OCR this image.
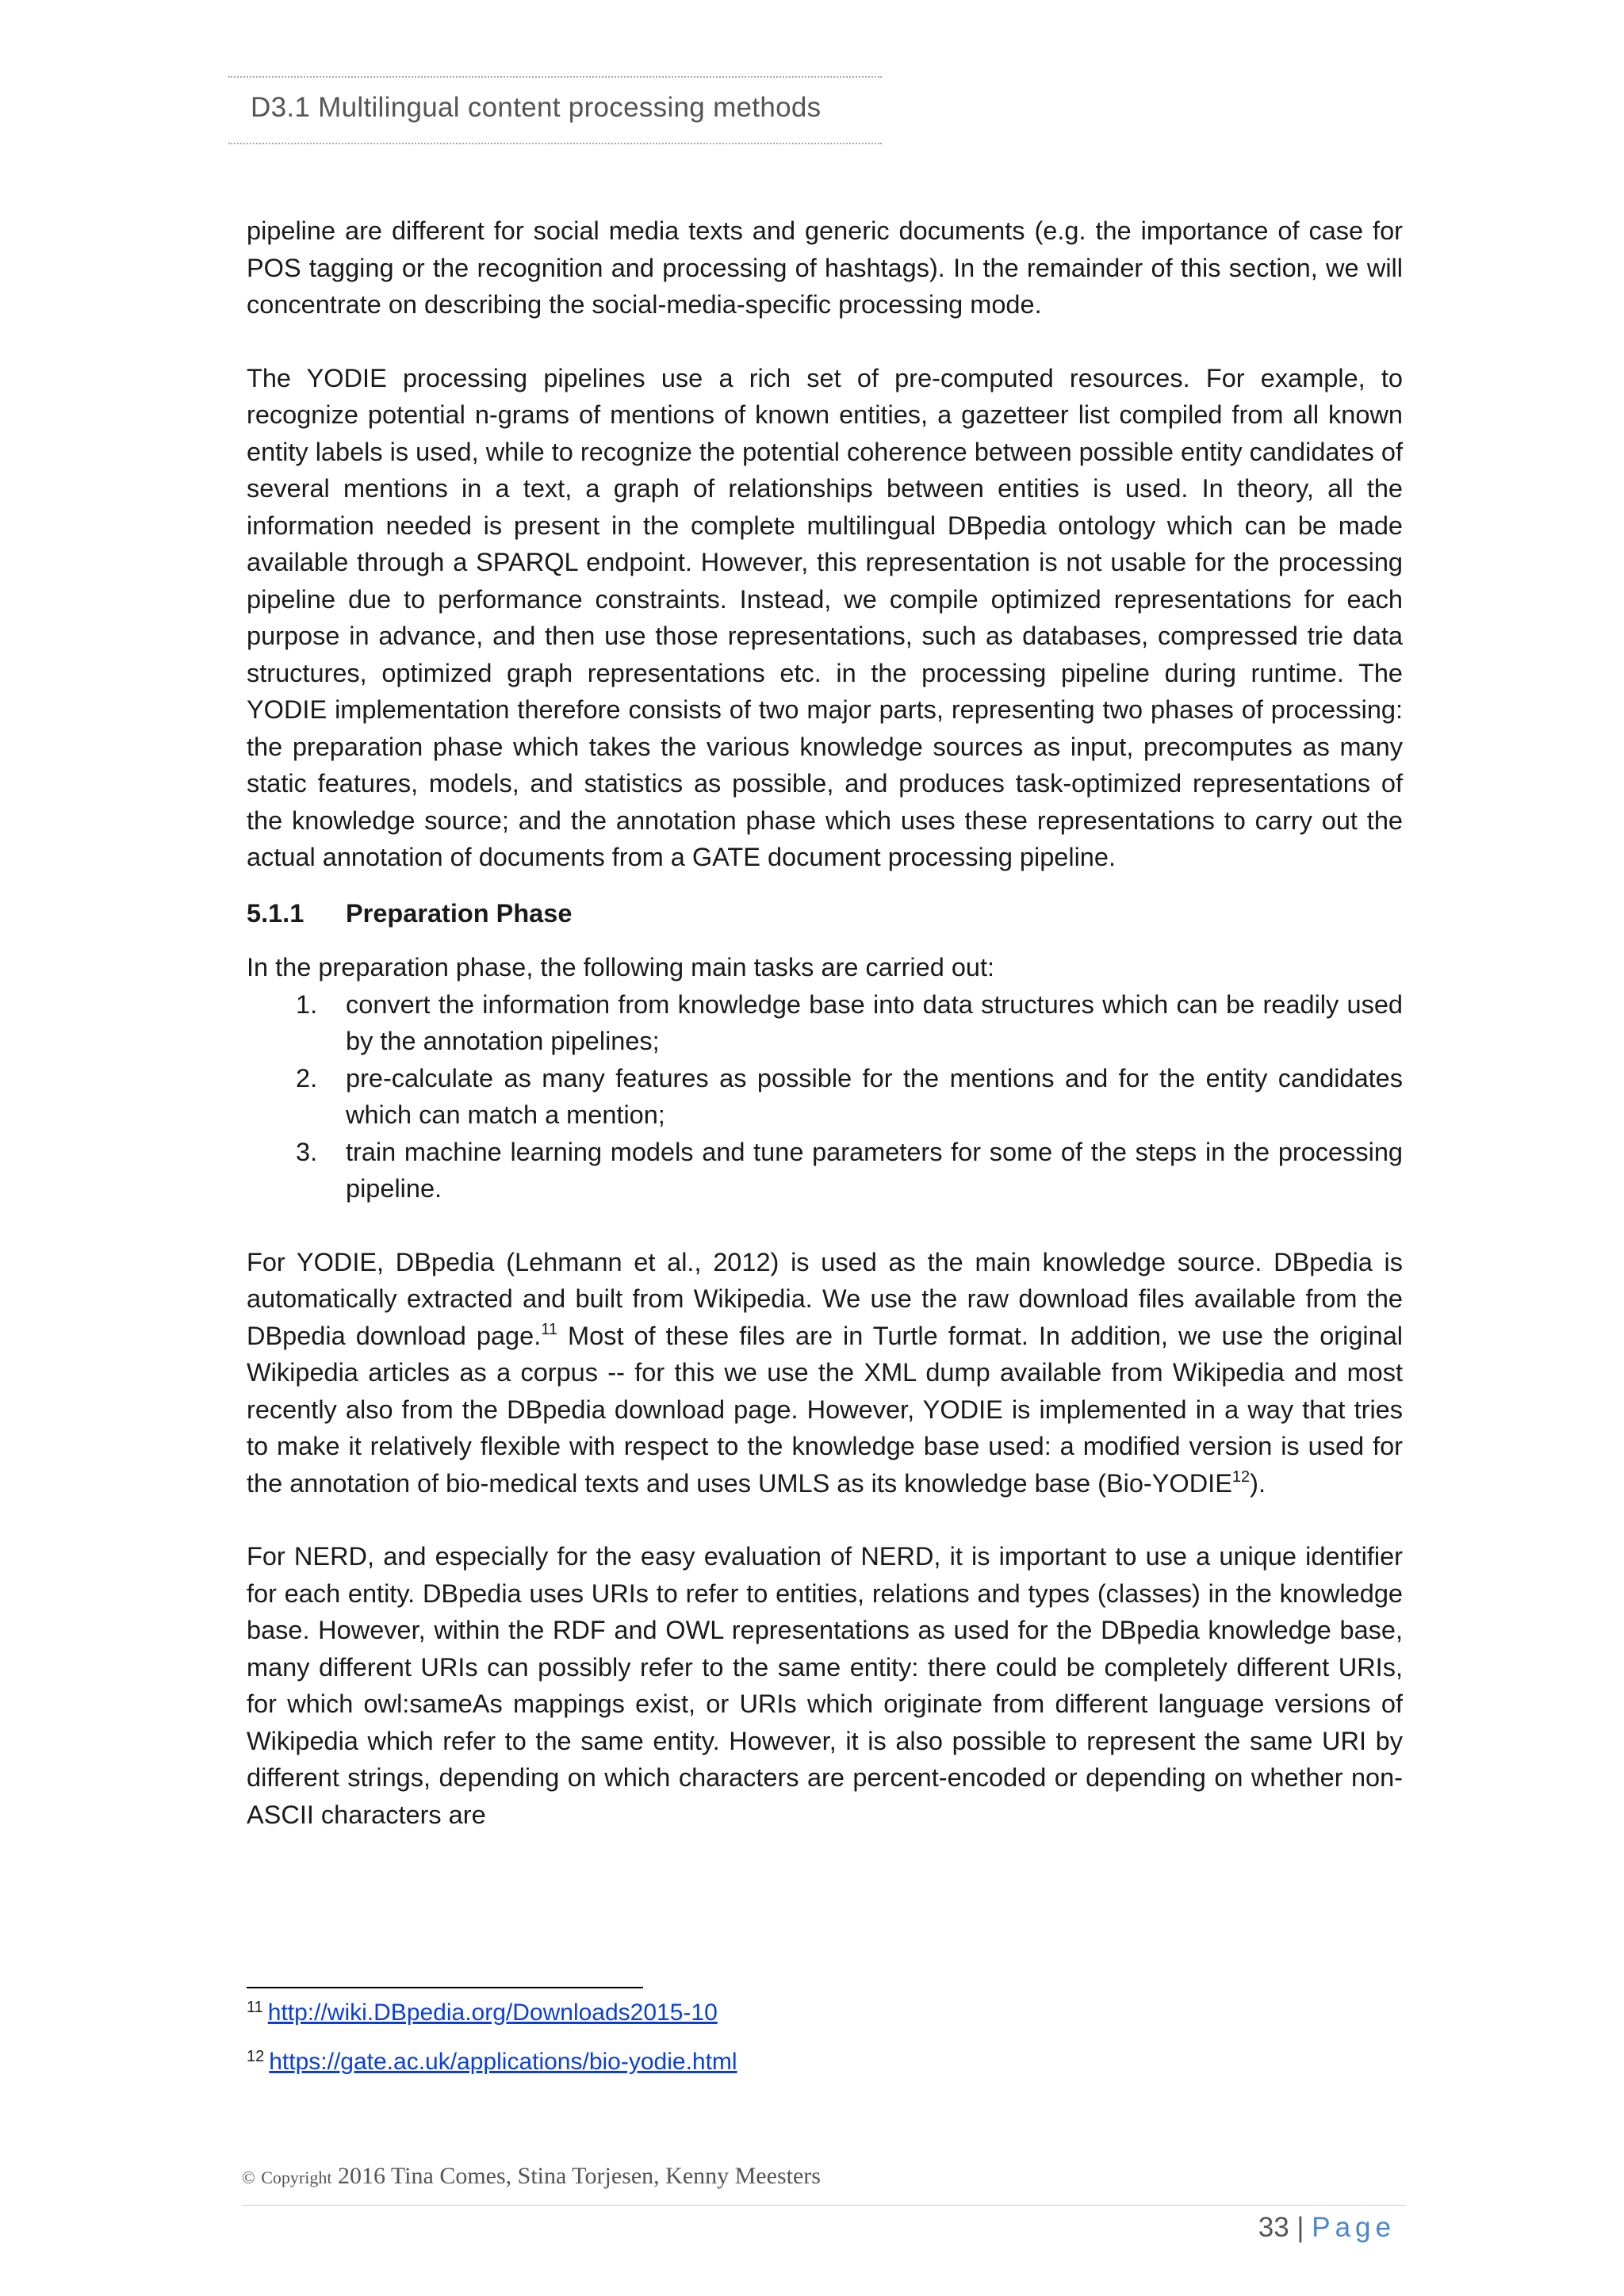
D3.1 Multilingual content processing methods

pipeline are different for social media texts and generic documents (e.g. the importance of case for POS tagging or the recognition and processing of hashtags). In the remainder of this section, we will concentrate on describing the social-media-specific processing mode.

The YODIE processing pipelines use a rich set of pre-computed resources. For example, to recognize potential n-grams of mentions of known entities, a gazetteer list compiled from all known entity labels is used, while to recognize the potential coherence between possible entity candidates of several mentions in a text, a graph of relationships between entities is used. In theory, all the information needed is present in the complete multilingual DBpedia ontology which can be made available through a SPARQL endpoint. However, this representation is not usable for the processing pipeline due to performance constraints. Instead, we compile optimized representations for each purpose in advance, and then use those representations, such as databases, compressed trie data structures, optimized graph representations etc. in the processing pipeline during runtime. The YODIE implementation therefore consists of two major parts, representing two phases of processing: the preparation phase which takes the various knowledge sources as input, precomputes as many static features, models, and statistics as possible, and produces task-optimized representations of the knowledge source; and the annotation phase which uses these representations to carry out the actual annotation of documents from a GATE document processing pipeline.

5.1.1 Preparation Phase

In the preparation phase, the following main tasks are carried out:

1. convert the information from knowledge base into data structures which can be readily used by the annotation pipelines;
2. pre-calculate as many features as possible for the mentions and for the entity candidates which can match a mention;
3. train machine learning models and tune parameters for some of the steps in the processing pipeline.

For YODIE, DBpedia (Lehmann et al., 2012) is used as the main knowledge source. DBpedia is automatically extracted and built from Wikipedia. We use the raw download files available from the DBpedia download page.$^{11}$ Most of these files are in Turtle format. In addition, we use the original Wikipedia articles as a corpus -- for this we use the XML dump available from Wikipedia and most recently also from the DBpedia download page. However, YODIE is implemented in a way that tries to make it relatively flexible with respect to the knowledge base used: a modified version is used for the annotation of bio-medical texts and uses UMLS as its knowledge base (Bio-YODIE$^{12}$).

For NERD, and especially for the easy evaluation of NERD, it is important to use a unique identifier for each entity. DBpedia uses URIs to refer to entities, relations and types (classes) in the knowledge base. However, within the RDF and OWL representations as used for the DBpedia knowledge base, many different URIs can possibly refer to the same entity: there could be completely different URIs, for which owl:sameAs mappings exist, or URIs which originate from different language versions of Wikipedia which refer to the same entity. However, it is also possible to represent the same URI by different strings, depending on which characters are percent-encoded or depending on whether non-ASCII characters are

$^{11}$ http://wiki.DBpedia.org/Downloads2015-10
$^{12}$ https://gate.ac.uk/applications/bio-yodie.html
© Copyright 2016 Tina Comes, Stina Torjesen, Kenny Meesters
33 | Page
